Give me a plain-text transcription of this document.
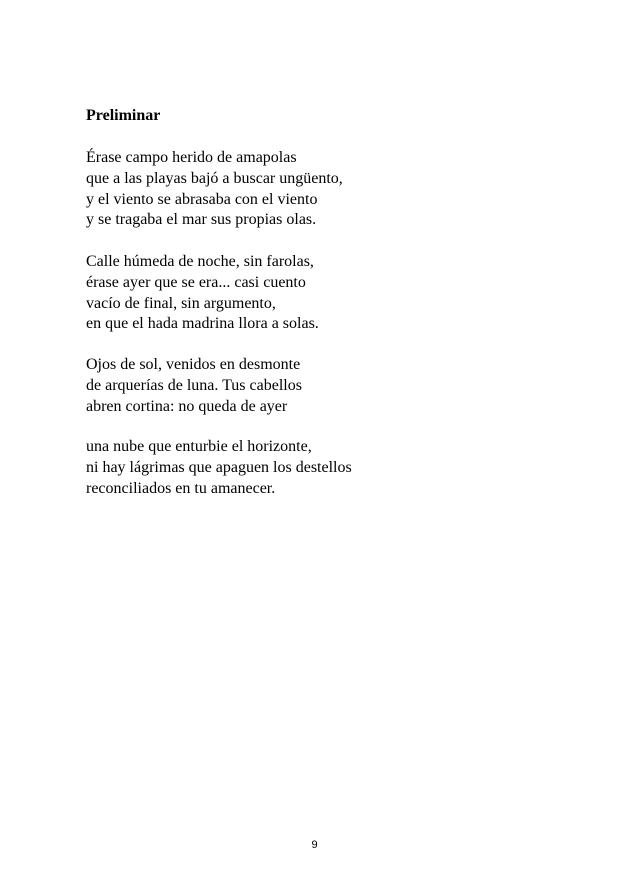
Preliminar
Érase campo herido de amapolas
que a las playas bajó a buscar ungüento,
y el viento se abrasaba con el viento
y se tragaba el mar sus propias olas.
Calle húmeda de noche, sin farolas,
érase ayer que se era... casi cuento
vacío de final, sin argumento,
en que el hada madrina llora a solas.
Ojos de sol, venidos en desmonte
de arquerías de luna. Tus cabellos
abren cortina: no queda de ayer
una nube que enturbie el horizonte,
ni hay lágrimas que apaguen los destellos
reconciliados en tu amanecer.
9
